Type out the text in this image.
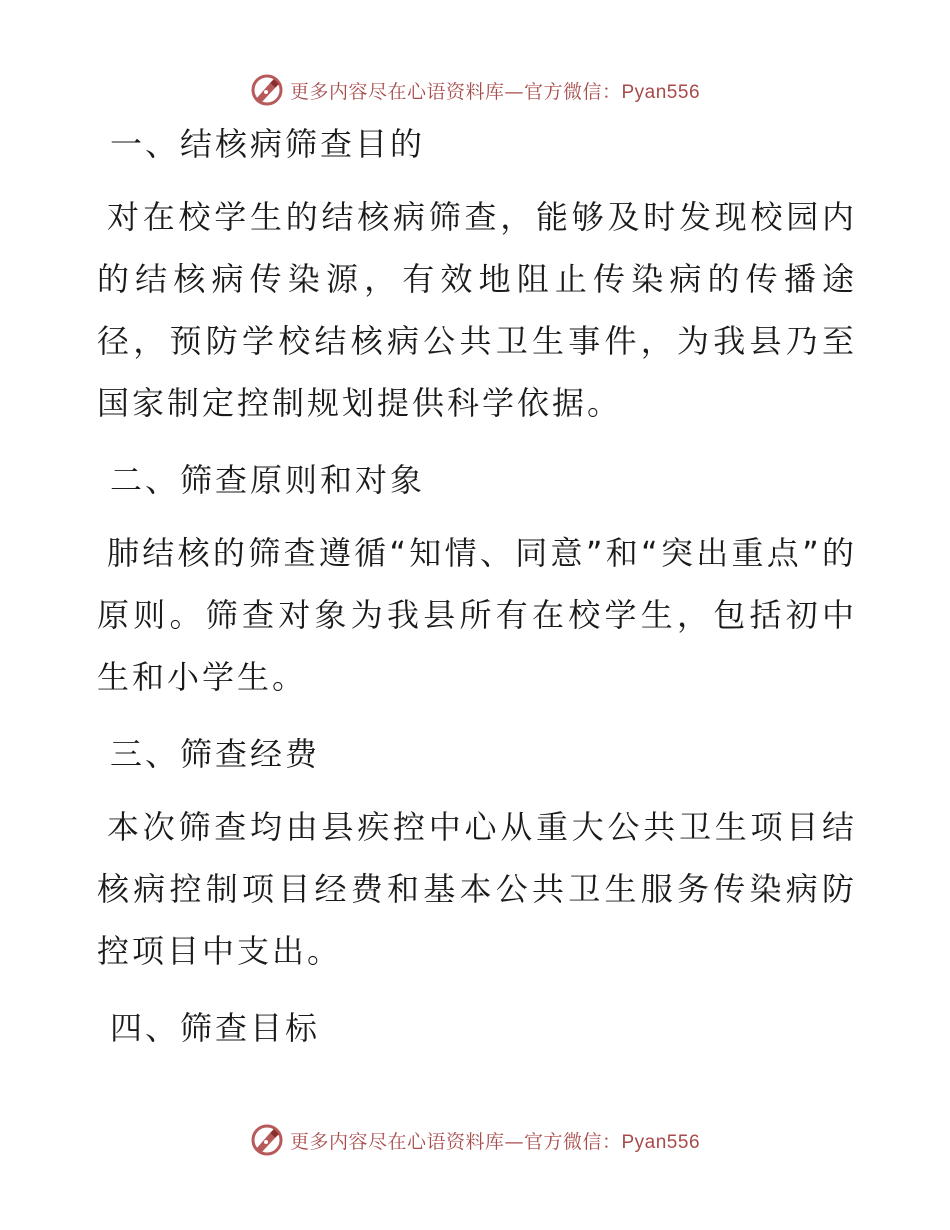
更多内容尽在心语资料库—官方微信：Pyan556
一、结核病筛查目的

对在校学生的结核病筛查，能够及时发现校园内的结核病传染源，有效地阻止传染病的传播途径，预防学校结核病公共卫生事件，为我县乃至国家制定控制规划提供科学依据。

二、筛查原则和对象

肺结核的筛查遵循“知情、同意”和“突出重点”的原则。筛查对象为我县所有在校学生，包括初中生和小学生。

三、筛查经费

本次筛查均由县疾控中心从重大公共卫生项目结核病控制项目经费和基本公共卫生服务传染病防控项目中支出。

四、筛查目标
更多内容尽在心语资料库—官方微信：Pyan556
